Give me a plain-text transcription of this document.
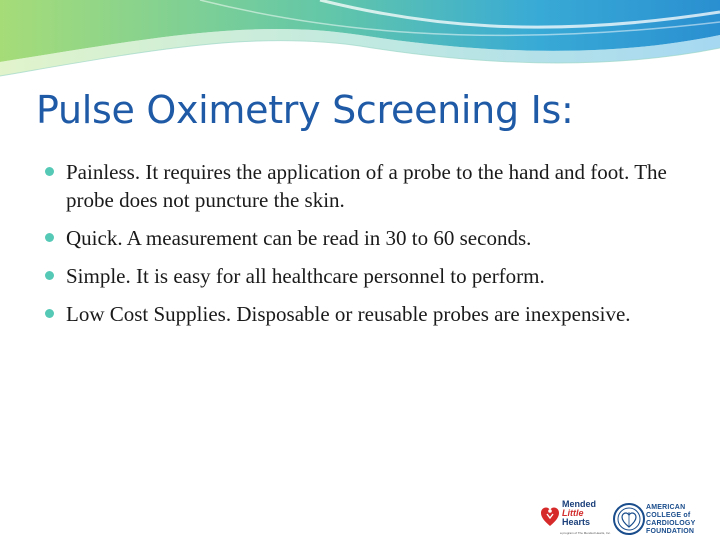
Pulse Oximetry Screening Is:
Painless. It requires the application of a probe to the hand and foot. The probe does not puncture the skin.
Quick. A measurement can be read in 30 to 60 seconds.
Simple. It is easy for all healthcare personnel to perform.
Low Cost Supplies. Disposable or reusable probes are inexpensive.
Mended
Little
Hearts
a program of The Mended Hearts, Inc.
AMERICAN
COLLEGE of
CARDIOLOGY
FOUNDATION
